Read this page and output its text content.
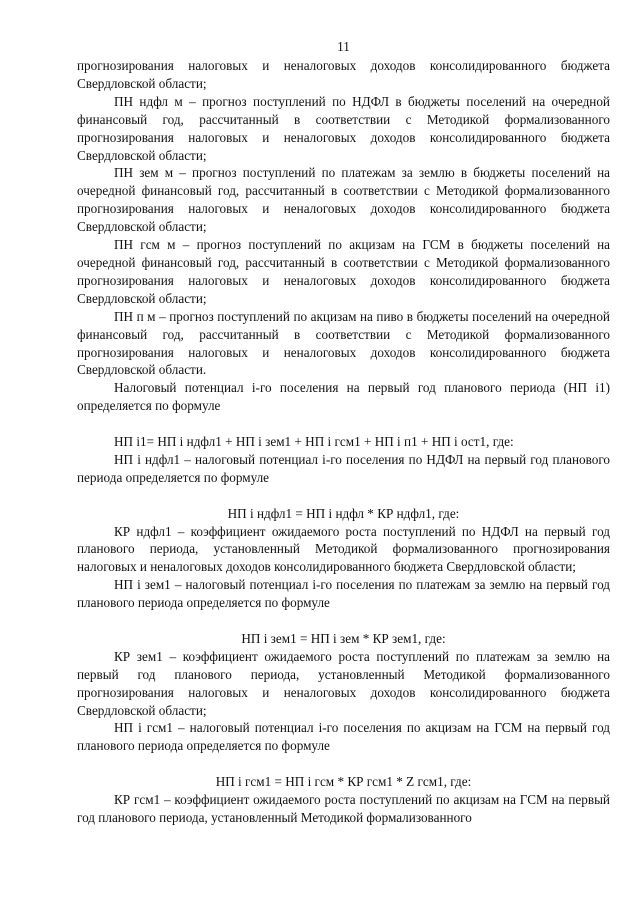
11

прогнозирования налоговых и неналоговых доходов консолидированного бюджета Свердловской области;

ПН ндфл м – прогноз поступлений по НДФЛ в бюджеты поселений на очередной финансовый год, рассчитанный в соответствии с Методикой формализованного прогнозирования налоговых и неналоговых доходов консолидированного бюджета Свердловской области;

ПН зем м – прогноз поступлений по платежам за землю в бюджеты поселений на очередной финансовый год, рассчитанный в соответствии с Методикой формализованного прогнозирования налоговых и неналоговых доходов консолидированного бюджета Свердловской области;

ПН гсм м – прогноз поступлений по акцизам на ГСМ в бюджеты поселений на очередной финансовый год, рассчитанный в соответствии с Методикой формализованного прогнозирования налоговых и неналоговых доходов консолидированного бюджета Свердловской области;

ПН п м – прогноз поступлений по акцизам на пиво в бюджеты поселений на очередной финансовый год, рассчитанный в соответствии с Методикой формализованного прогнозирования налоговых и неналоговых доходов консолидированного бюджета Свердловской области.

Налоговый потенциал i-го поселения на первый год планового периода (НП i1) определяется по формуле

НП i1= НП i ндфл1 + НП i зем1 + НП i гсм1 + НП i п1 + НП i ост1, где:

НП i ндфл1 – налоговый потенциал i-го поселения по НДФЛ на первый год планового периода определяется по формуле

НП i ндфл1 = НП i ндфл * КР ндфл1, где:

КР ндфл1 – коэффициент ожидаемого роста поступлений по НДФЛ на первый год планового периода, установленный Методикой формализованного прогнозирования налоговых и неналоговых доходов консолидированного бюджета Свердловской области;

НП i зем1 – налоговый потенциал i-го поселения по платежам за землю на первый год планового периода определяется по формуле

НП i зем1 = НП i зем * КР зем1, где:

КР зем1 – коэффициент ожидаемого роста поступлений по платежам за землю на первый год планового периода, установленный Методикой формализованного прогнозирования налоговых и неналоговых доходов консолидированного бюджета Свердловской области;

НП i гсм1 – налоговый потенциал i-го поселения по акцизам на ГСМ на первый год планового периода определяется по формуле

НП i гсм1 = НП i гсм * КР гсм1 * Z гсм1, где:

КР гсм1 – коэффициент ожидаемого роста поступлений по акцизам на ГСМ на первый год планового периода, установленный Методикой формализованного
